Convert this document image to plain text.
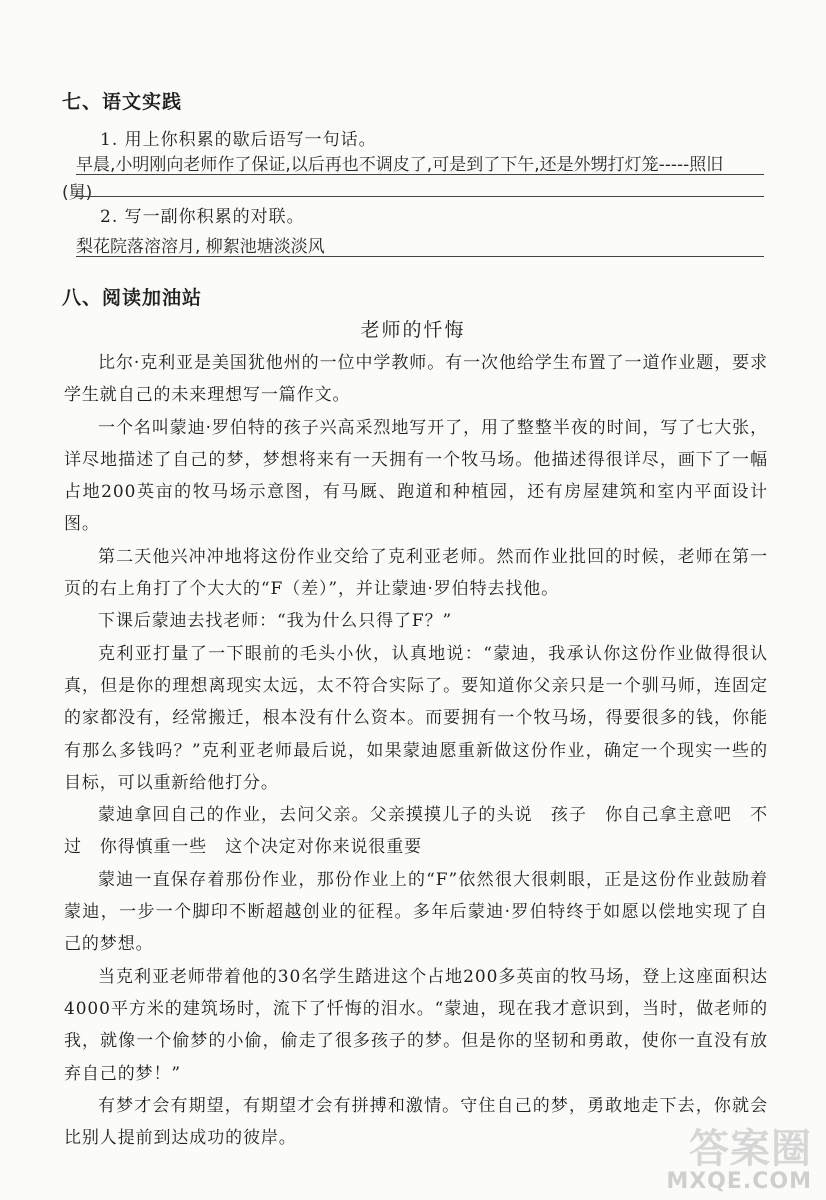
七、语文实践
1. 用上你积累的歇后语写一句话。
早晨,小明刚向老师作了保证,以后再也不调皮了,可是到了下午,还是外甥打灯笼-----照旧
(舅)
2. 写一副你积累的对联。
梨花院落溶溶月, 柳絮池塘淡淡风
八、阅读加油站
老师的忏悔

比尔·克利亚是美国犹他州的一位中学教师。有一次他给学生布置了一道作业题，要求学生就自己的未来理想写一篇作文。

一个名叫蒙迪·罗伯特的孩子兴高采烈地写开了，用了整整半夜的时间，写了七大张，详尽地描述了自己的梦，梦想将来有一天拥有一个牧马场。他描述得很详尽，画下了一幅占地200英亩的牧马场示意图，有马厩、跑道和种植园，还有房屋建筑和室内平面设计图。

第二天他兴冲冲地将这份作业交给了克利亚老师。然而作业批回的时候，老师在第一页的右上角打了个大大的“F（差）”，并让蒙迪·罗伯特去找他。

下课后蒙迪去找老师：“我为什么只得了F？”

克利亚打量了一下眼前的毛头小伙，认真地说：“蒙迪，我承认你这份作业做得很认真，但是你的理想离现实太远，太不符合实际了。要知道你父亲只是一个驯马师，连固定的家都没有，经常搬迁，根本没有什么资本。而要拥有一个牧马场，得要很多的钱，你能有那么多钱吗？”克利亚老师最后说，如果蒙迪愿重新做这份作业，确定一个现实一些的目标，可以重新给他打分。

蒙迪拿回自己的作业，去问父亲。父亲摸摸儿子的头说　孩子　你自己拿主意吧　不过　你得慎重一些　这个决定对你来说很重要

蒙迪一直保存着那份作业，那份作业上的“F”依然很大很刺眼，正是这份作业鼓励着蒙迪，一步一个脚印不断超越创业的征程。多年后蒙迪·罗伯特终于如愿以偿地实现了自己的梦想。

当克利亚老师带着他的30名学生踏进这个占地200多英亩的牧马场，登上这座面积达4000平方米的建筑场时，流下了忏悔的泪水。“蒙迪，现在我才意识到，当时，做老师的我，就像一个偷梦的小偷，偷走了很多孩子的梦。但是你的坚韧和勇敢，使你一直没有放弃自己的梦！”

有梦才会有期望，有期望才会有拼搏和激情。守住自己的梦，勇敢地走下去，你就会比别人提前到达成功的彼岸。	答案圈
MXQE.COM
